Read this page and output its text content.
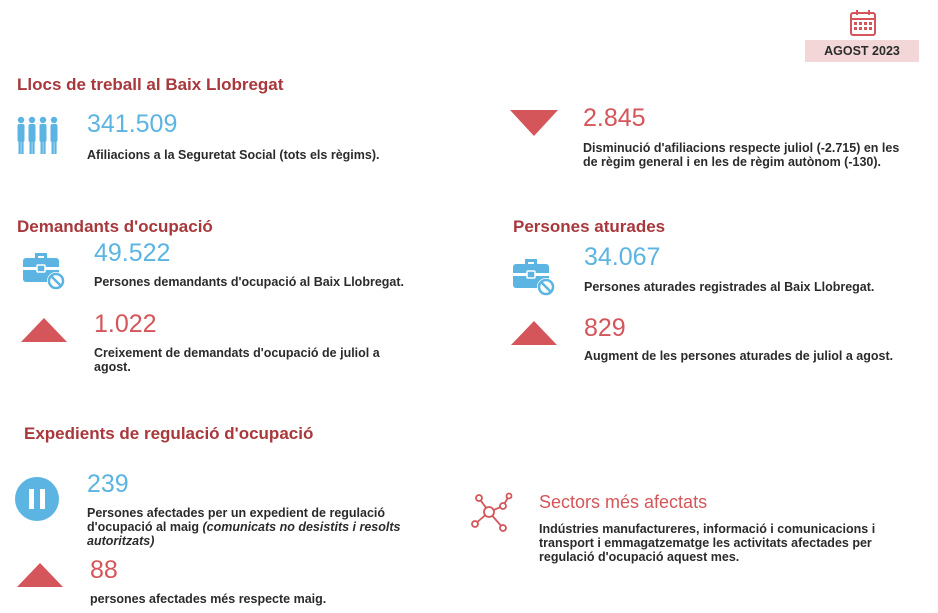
AGOST 2023
Llocs de treball al Baix Llobregat
341.509
Afiliacions a la Seguretat Social (tots els règims).
2.845
Disminució d'afiliacions respecte juliol (-2.715) en les
de règim general i en les de règim autònom (-130).
Demandants d'ocupació
49.522
Persones demandants d'ocupació al Baix Llobregat.
1.022
Creixement de demandats d'ocupació de juliol a
agost.
Persones aturades
34.067
Persones aturades registrades al Baix Llobregat.
829
Augment de les persones aturades de juliol a agost.
Expedients de regulació d'ocupació
239
Persones afectades per un expedient de regulació
d'ocupació al maig (comunicats no desistits i resolts
autoritzats)
88
persones afectades més respecte maig.
Sectors més afectats
Indústries manufactureres, informació i comunicacions i
transport i emmagatzematge les activitats afectades per
regulació d'ocupació aquest mes.
